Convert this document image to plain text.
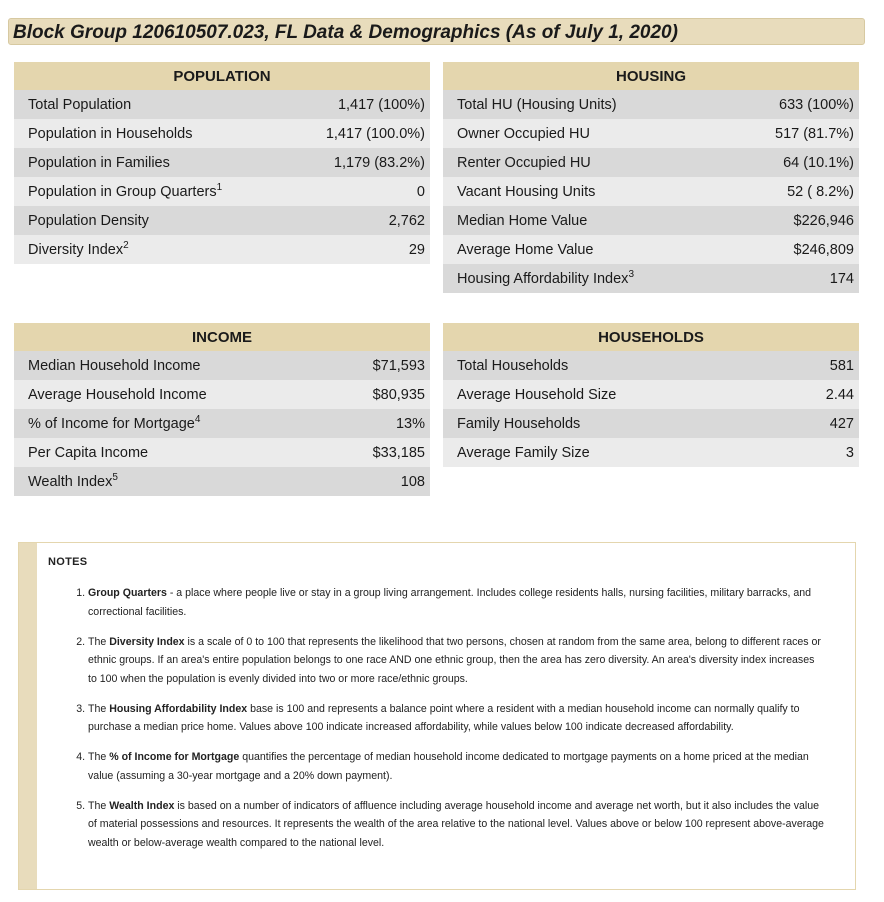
Block Group 120610507.023, FL Data & Demographics (As of July 1, 2020)
POPULATION	
Total Population	1,417 (100%)
Population in Households	1,417 (100.0%)
Population in Families	1,179 (83.2%)
Population in Group Quarters$^1$	0
Population Density	2,762
Diversity Index$^2$	29
HOUSING	
Total HU (Housing Units)	633 (100%)
Owner Occupied HU	517 (81.7%)
Renter Occupied HU	64 (10.1%)
Vacant Housing Units	52 ( 8.2%)
Median Home Value	$226,946
Average Home Value	$246,809
Housing Affordability Index$^3$	174
INCOME	
Median Household Income	$71,593
Average Household Income	$80,935
% of Income for Mortgage$^4$	13%
Per Capita Income	$33,185
Wealth Index$^5$	108
HOUSEHOLDS	
Total Households	581
Average Household Size	2.44
Family Households	427
Average Family Size	3
NOTES
1. Group Quarters - a place where people live or stay in a group living arrangement. Includes college residents halls, nursing facilities, military barracks, and correctional facilities.
2. The Diversity Index is a scale of 0 to 100 that represents the likelihood that two persons, chosen at random from the same area, belong to different races or ethnic groups. If an area's entire population belongs to one race AND one ethnic group, then the area has zero diversity. An area's diversity index increases to 100 when the population is evenly divided into two or more race/ethnic groups.
3. The Housing Affordability Index base is 100 and represents a balance point where a resident with a median household income can normally qualify to purchase a median price home. Values above 100 indicate increased affordability, while values below 100 indicate decreased affordability.
4. The % of Income for Mortgage quantifies the percentage of median household income dedicated to mortgage payments on a home priced at the median value (assuming a 30-year mortgage and a 20% down payment).
5. The Wealth Index is based on a number of indicators of affluence including average household income and average net worth, but it also includes the value of material possessions and resources. It represents the wealth of the area relative to the national level. Values above or below 100 represent above-average wealth or below-average wealth compared to the national level.
